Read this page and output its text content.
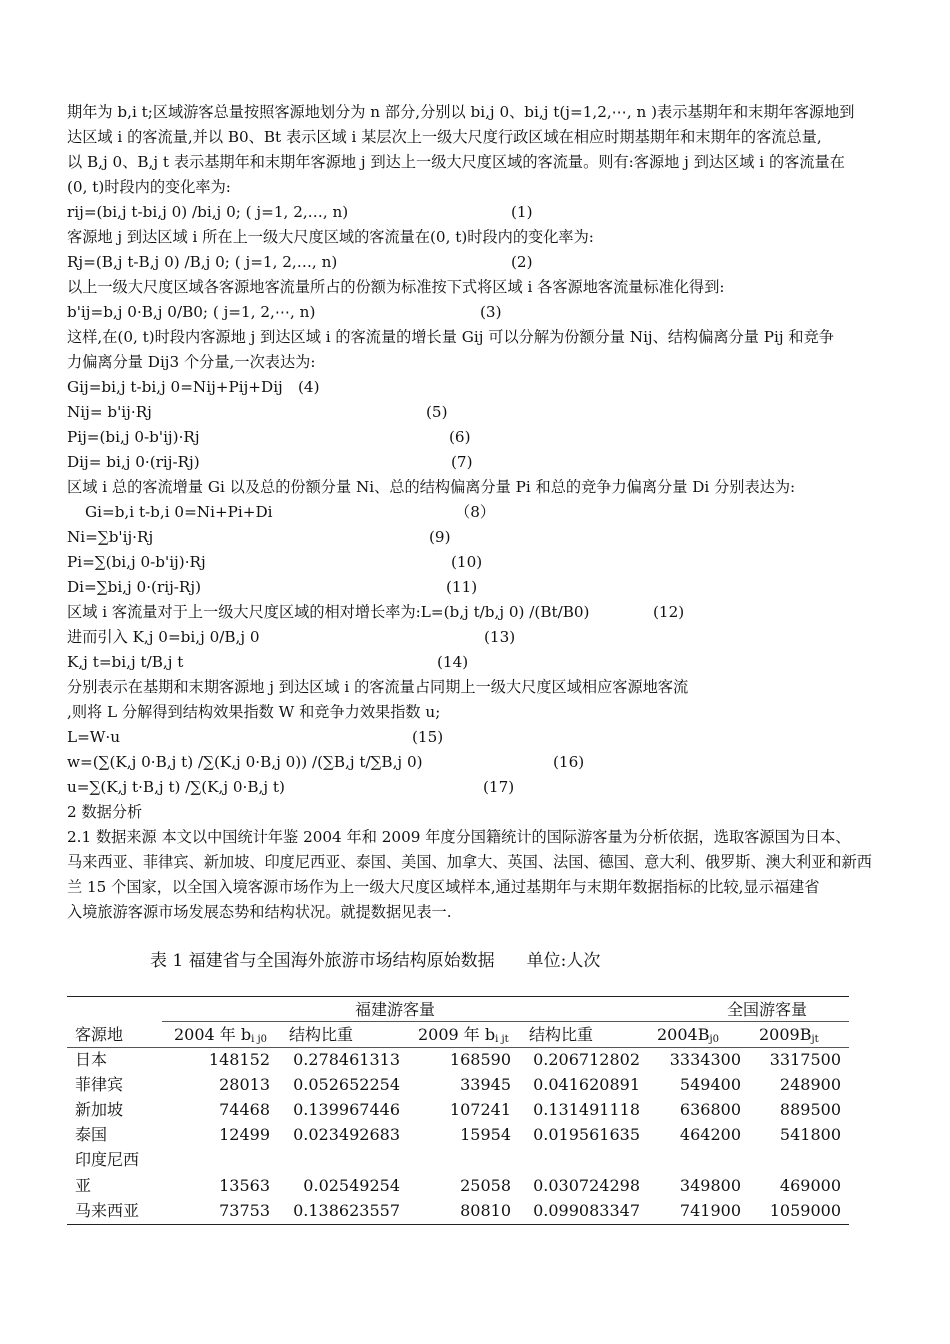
期年为 b,i t;区域游客总量按照客源地划分为 n 部分,分别以 bi,j 0、bi,j t(j=1,2,⋯, n )表示基期年和末期年客源地到
达区域 i 的客流量,并以 B0、Bt 表示区域 i 某层次上一级大尺度行政区域在相应时期基期年和末期年的客流总量,
以 B,j 0、B,j t 表示基期年和末期年客源地 j 到达上一级大尺度区域的客流量。则有:客源地 j 到达区域 i 的客流量在
(0, t)时段内的变化率为:
rij=(bi,j t-bi,j 0) /bi,j 0; ( j=1, 2,…, n)	(1)
客源地 j 到达区域 i 所在上一级大尺度区域的客流量在(0, t)时段内的变化率为:
Rj=(B,j t-B,j 0) /B,j 0; ( j=1, 2,…, n)	(2)
以上一级大尺度区域各客源地客流量所占的份额为标准按下式将区域 i 各客源地客流量标准化得到:
b'ij=b,j 0·B,j 0/B0; ( j=1, 2,⋯, n)	(3)
这样,在(0, t)时段内客源地 j 到达区域 i 的客流量的增长量 Gij 可以分解为份额分量 Nij、结构偏离分量 Pij 和竞争
力偏离分量 Dij3 个分量,一次表达为:
Gij=bi,j t-bi,j 0=Nij+Pij+Dij (4)
Nij= b'ij·Rj	(5)
Pij=(bi,j 0-b'ij)·Rj	(6)
Dij= bi,j 0·(rij-Rj)	(7)
区域 i 总的客流增量 Gi 以及总的份额分量 Ni、总的结构偏离分量 Pi 和总的竞争力偏离分量 Di 分别表达为:
Gi=b,i t-b,i 0=Ni+Pi+Di	（8）
Ni=∑b'ij·Rj	(9)
Pi=∑(bi,j 0-b'ij)·Rj	(10)
Di=∑bi,j 0·(rij-Rj)	(11)
区域 i 客流量对于上一级大尺度区域的相对增长率为:L=(b,j t/b,j 0) /(Bt/B0)	(12)
进而引入 K,j 0=bi,j 0/B,j 0	(13)
K,j t=bi,j t/B,j t	(14)
分别表示在基期和末期客源地 j 到达区域 i 的客流量占同期上一级大尺度区域相应客源地客流
,则将 L 分解得到结构效果指数 W 和竞争力效果指数 u;
L=W·u	(15)
w=(∑(K,j 0·B,j t) /∑(K,j 0·B,j 0)) /(∑B,j t/∑B,j 0)	(16)
u=∑(K,j t·B,j t) /∑(K,j 0·B,j t)	(17)
2 数据分析
2.1 数据来源 本文以中国统计年鉴 2004 年和 2009 年度分国籍统计的国际游客量为分析依据，选取客源国为日本、
马来西亚、菲律宾、新加坡、印度尼西亚、泰国、美国、加拿大、英国、法国、德国、意大利、俄罗斯、澳大利亚和新西
兰 15 个国家，以全国入境客源市场作为上一级大尺度区域样本,通过基期年与末期年数据指标的比较,显示福建省
入境旅游客源市场发展态势和结构状况。就提数据见表一.
表 1 福建省与全国海外旅游市场结构原始数据 单位:人次
福建游客量	全国游客量
客源地	2004 年 $b_{i j0}$ 结构比重	2009 年 $b_{i jt}$ 结构比重	$2004B_{j0}$	$2009B_{jt}$
日本	148152	0.278461313	168590	0.206712802	3334300	3317500
菲律宾	28013	0.052652254	33945	0.041620891	549400	248900
新加坡	74468	0.139967446	107241	0.131491118	636800	889500
泰国	12499	0.023492683	15954	0.019561635	464200	541800
印度尼西
亚	13563	0.02549254	25058	0.030724298	349800	469000
马来西亚	73753	0.138623557	80810	0.099083347	741900	1059000
